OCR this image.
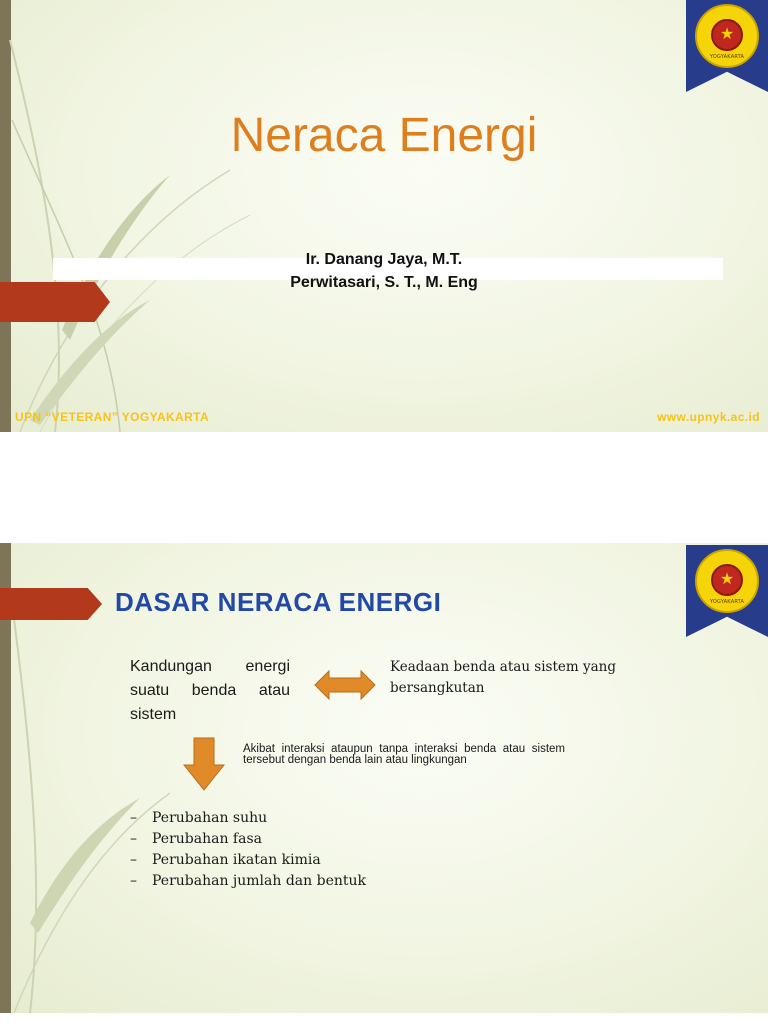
★
YOGYAKARTA
Neraca Energi
Ir. Danang Jaya, M.T.
Perwitasari, S. T., M. Eng
UPN “VETERAN” YOGYAKARTA	www.upnyk.ac.id
★
YOGYAKARTA
DASAR NERACA ENERGI
Kandungan energi suatu benda atau sistem
Keadaan benda atau sistem yang bersangkutan
Akibat interaksi ataupun tanpa interaksi benda atau sistem tersebut dengan benda lain atau lingkungan
– Perubahan suhu
– Perubahan fasa
– Perubahan ikatan kimia
– Perubahan jumlah dan bentuk
